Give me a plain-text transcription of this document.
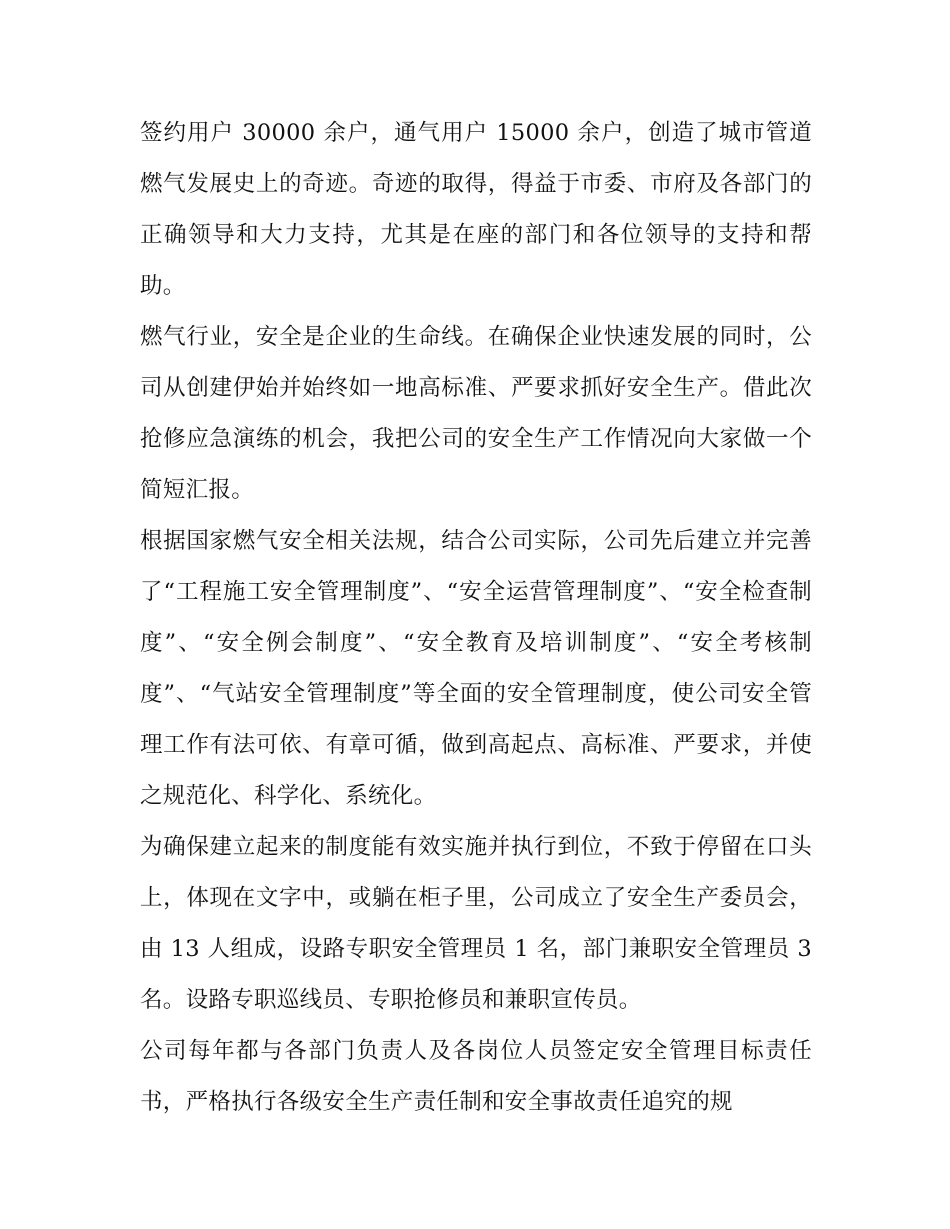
签约用户 30000 余户，通气用户 15000 余户，创造了城市管道燃气发展史上的奇迹。奇迹的取得，得益于市委、市府及各部门的正确领导和大力支持，尤其是在座的部门和各位领导的支持和帮助。

燃气行业，安全是企业的生命线。在确保企业快速发展的同时，公司从创建伊始并始终如一地高标准、严要求抓好安全生产。借此次抢修应急演练的机会，我把公司的安全生产工作情况向大家做一个简短汇报。

根据国家燃气安全相关法规，结合公司实际，公司先后建立并完善了“工程施工安全管理制度”、“安全运营管理制度”、“安全检查制度”、“安全例会制度”、“安全教育及培训制度”、“安全考核制度”、“气站安全管理制度”等全面的安全管理制度，使公司安全管理工作有法可依、有章可循，做到高起点、高标准、严要求，并使之规范化、科学化、系统化。

为确保建立起来的制度能有效实施并执行到位，不致于停留在口头上，体现在文字中，或躺在柜子里，公司成立了安全生产委员会，由 13 人组成，设路专职安全管理员 1 名，部门兼职安全管理员 3 名。设路专职巡线员、专职抢修员和兼职宣传员。

公司每年都与各部门负责人及各岗位人员签定安全管理目标责任书，严格执行各级安全生产责任制和安全事故责任追究的规
